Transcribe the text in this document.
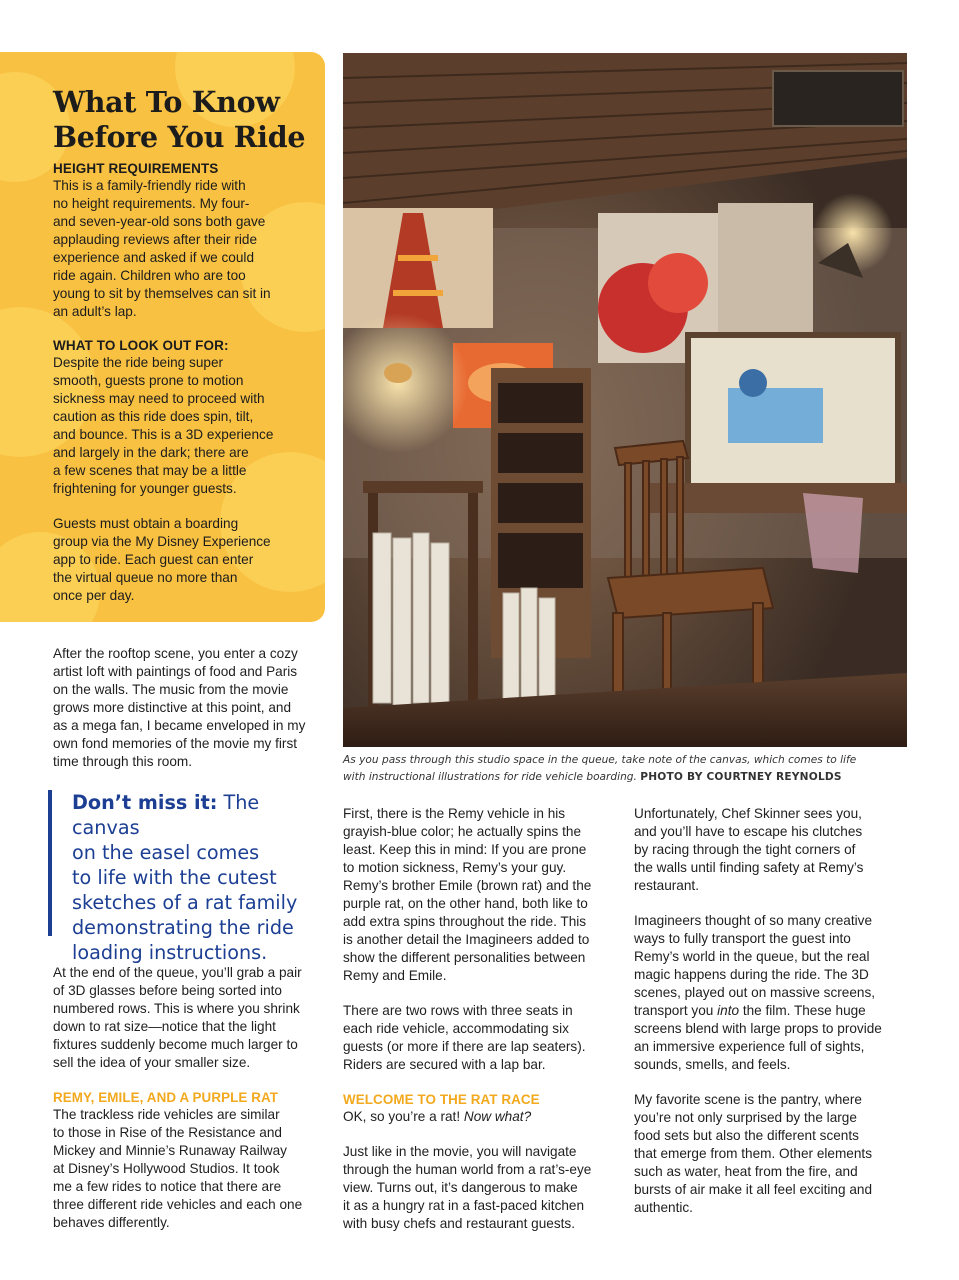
What To Know
Before You Ride

HEIGHT REQUIREMENTS

This is a family-friendly ride with
no height requirements. My four-
and seven-year-old sons both gave
applauding reviews after their ride
experience and asked if we could
ride again. Children who are too
young to sit by themselves can sit in
an adult’s lap.

WHAT TO LOOK OUT FOR:

Despite the ride being super
smooth, guests prone to motion
sickness may need to proceed with
caution as this ride does spin, tilt,
and bounce. This is a 3D experience
and largely in the dark; there are
a few scenes that may be a little
frightening for younger guests.
Guests must obtain a boarding
group via the My Disney Experience
app to ride. Each guest can enter
the virtual queue no more than
once per day.
As you pass through this studio space in the queue, take note of the canvas, which comes to life
with instructional illustrations for ride vehicle boarding. PHOTO BY COURTNEY REYNOLDS
After the rooftop scene, you enter a cozy
artist loft with paintings of food and Paris
on the walls. The music from the movie
grows more distinctive at this point, and
as a mega fan, I became enveloped in my
own fond memories of the movie my first
time through this room.
Don’t miss it: The canvas
on the easel comes
to life with the cutest
sketches of a rat family
demonstrating the ride
loading instructions.
At the end of the queue, you’ll grab a pair
of 3D glasses before being sorted into
numbered rows. This is where you shrink
down to rat size—notice that the light
fixtures suddenly become much larger to
sell the idea of your smaller size.

REMY, EMILE, AND A PURPLE RAT

The trackless ride vehicles are similar
to those in Rise of the Resistance and
Mickey and Minnie’s Runaway Railway
at Disney’s Hollywood Studios. It took
me a few rides to notice that there are
three different ride vehicles and each one
behaves differently.
First, there is the Remy vehicle in his
grayish-blue color; he actually spins the
least. Keep this in mind: If you are prone
to motion sickness, Remy’s your guy.
Remy’s brother Emile (brown rat) and the
purple rat, on the other hand, both like to
add extra spins throughout the ride. This
is another detail the Imagineers added to
show the different personalities between
Remy and Emile.
There are two rows with three seats in
each ride vehicle, accommodating six
guests (or more if there are lap seaters).
Riders are secured with a lap bar.

WELCOME TO THE RAT RACE

OK, so you’re a rat! Now what?

Just like in the movie, you will navigate
through the human world from a rat’s-eye
view. Turns out, it’s dangerous to make
it as a hungry rat in a fast-paced kitchen
with busy chefs and restaurant guests.
Unfortunately, Chef Skinner sees you,
and you’ll have to escape his clutches
by racing through the tight corners of
the walls until finding safety at Remy’s
restaurant.
Imagineers thought of so many creative
ways to fully transport the guest into
Remy’s world in the queue, but the real
magic happens during the ride. The 3D
scenes, played out on massive screens,

transport you into the film. These huge

screens blend with large props to provide
an immersive experience full of sights,
sounds, smells, and feels.
My favorite scene is the pantry, where
you’re not only surprised by the large
food sets but also the different scents
that emerge from them. Other elements
such as water, heat from the fire, and
bursts of air make it all feel exciting and
authentic.
